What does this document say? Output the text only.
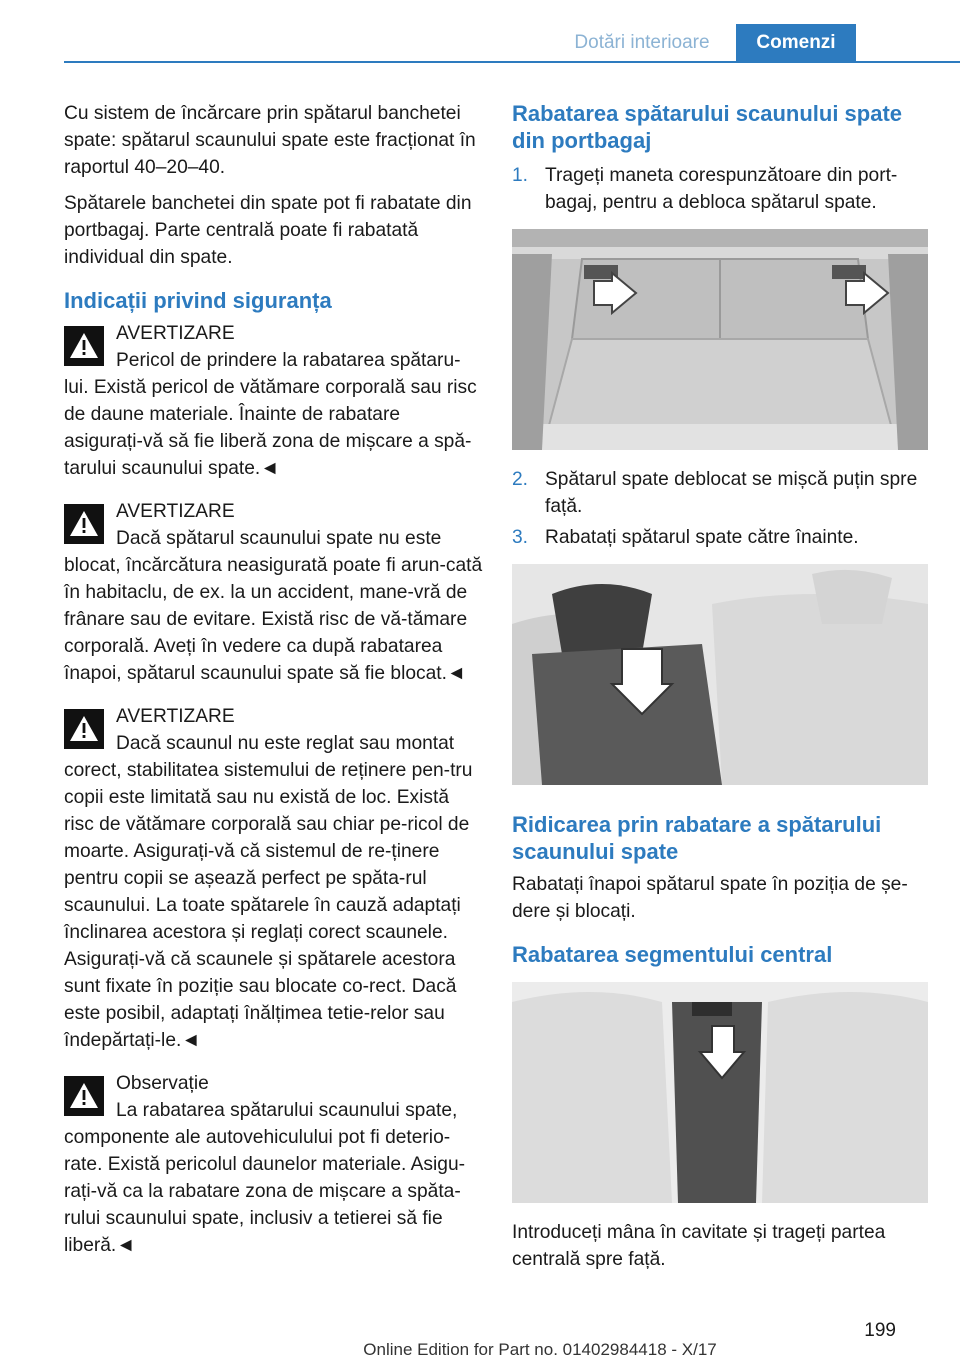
Dotări interioare	Comenzi

Cu sistem de încărcare prin spătarul banchetei spate: spătarul scaunului spate este fracționat în raportul 40–20–40.

Spătarele banchetei din spate pot fi rabatate din portbagaj. Parte centrală poate fi rabatată individual din spate.

Indicații privind siguranța
AVERTIZARE
Pericol de prindere la rabatarea spătaru‐
lui. Există pericol de vătămare corporală sau risc de daune materiale. Înainte de rabatare asigurați-vă să fie liberă zona de mișcare a spă‐tarului scaunului spate.◄
AVERTIZARE
Dacă spătarul scaunului spate nu este
blocat, încărcătura neasigurată poate fi arun‐cată în habitaclu, de ex. la un accident, mane‐vră de frânare sau de evitare. Există risc de vă‐tămare corporală. Aveți în vedere ca după rabatarea înapoi, spătarul scaunului spate să fie blocat.◄
AVERTIZARE
Dacă scaunul nu este reglat sau montat
corect, stabilitatea sistemului de reținere pen‐tru copii este limitată sau nu există de loc. Există risc de vătămare corporală sau chiar pe‐ricol de moarte. Asigurați-vă că sistemul de re‐ținere pentru copii se așează perfect pe spăta‐rul scaunului. La toate spătarele în cauză adaptați înclinarea acestora și reglați corect scaunele. Asigurați-vă că scaunele și spătarele acestora sunt fixate în poziție sau blocate co‐rect. Dacă este posibil, adaptați înălțimea tetie‐relor sau îndepărtați-le.◄
Observație
La rabatarea spătarului scaunului spate,
componente ale autovehiculului pot fi deterio‐rate. Există pericolul daunelor materiale. Asigu‐rați-vă ca la rabatare zona de mișcare a spăta‐rului scaunului spate, inclusiv a tetierei să fie liberă.◄
Rabatarea spătarului scaunului spate din portbagaj
1. Trageți maneta corespunzătoare din port‐bagaj, pentru a debloca spătarul spate.
2. Spătarul spate deblocat se mișcă puțin spre față.
3. Rabatați spătarul spate către înainte.
Ridicarea prin rabatare a spătarului scaunului spate

Rabatați înapoi spătarul spate în poziția de șe‐dere și blocați.

Rabatarea segmentului central

Introduceți mâna în cavitate și trageți partea centrală spre față.

199
Online Edition for Part no. 01402984418 - X/17
